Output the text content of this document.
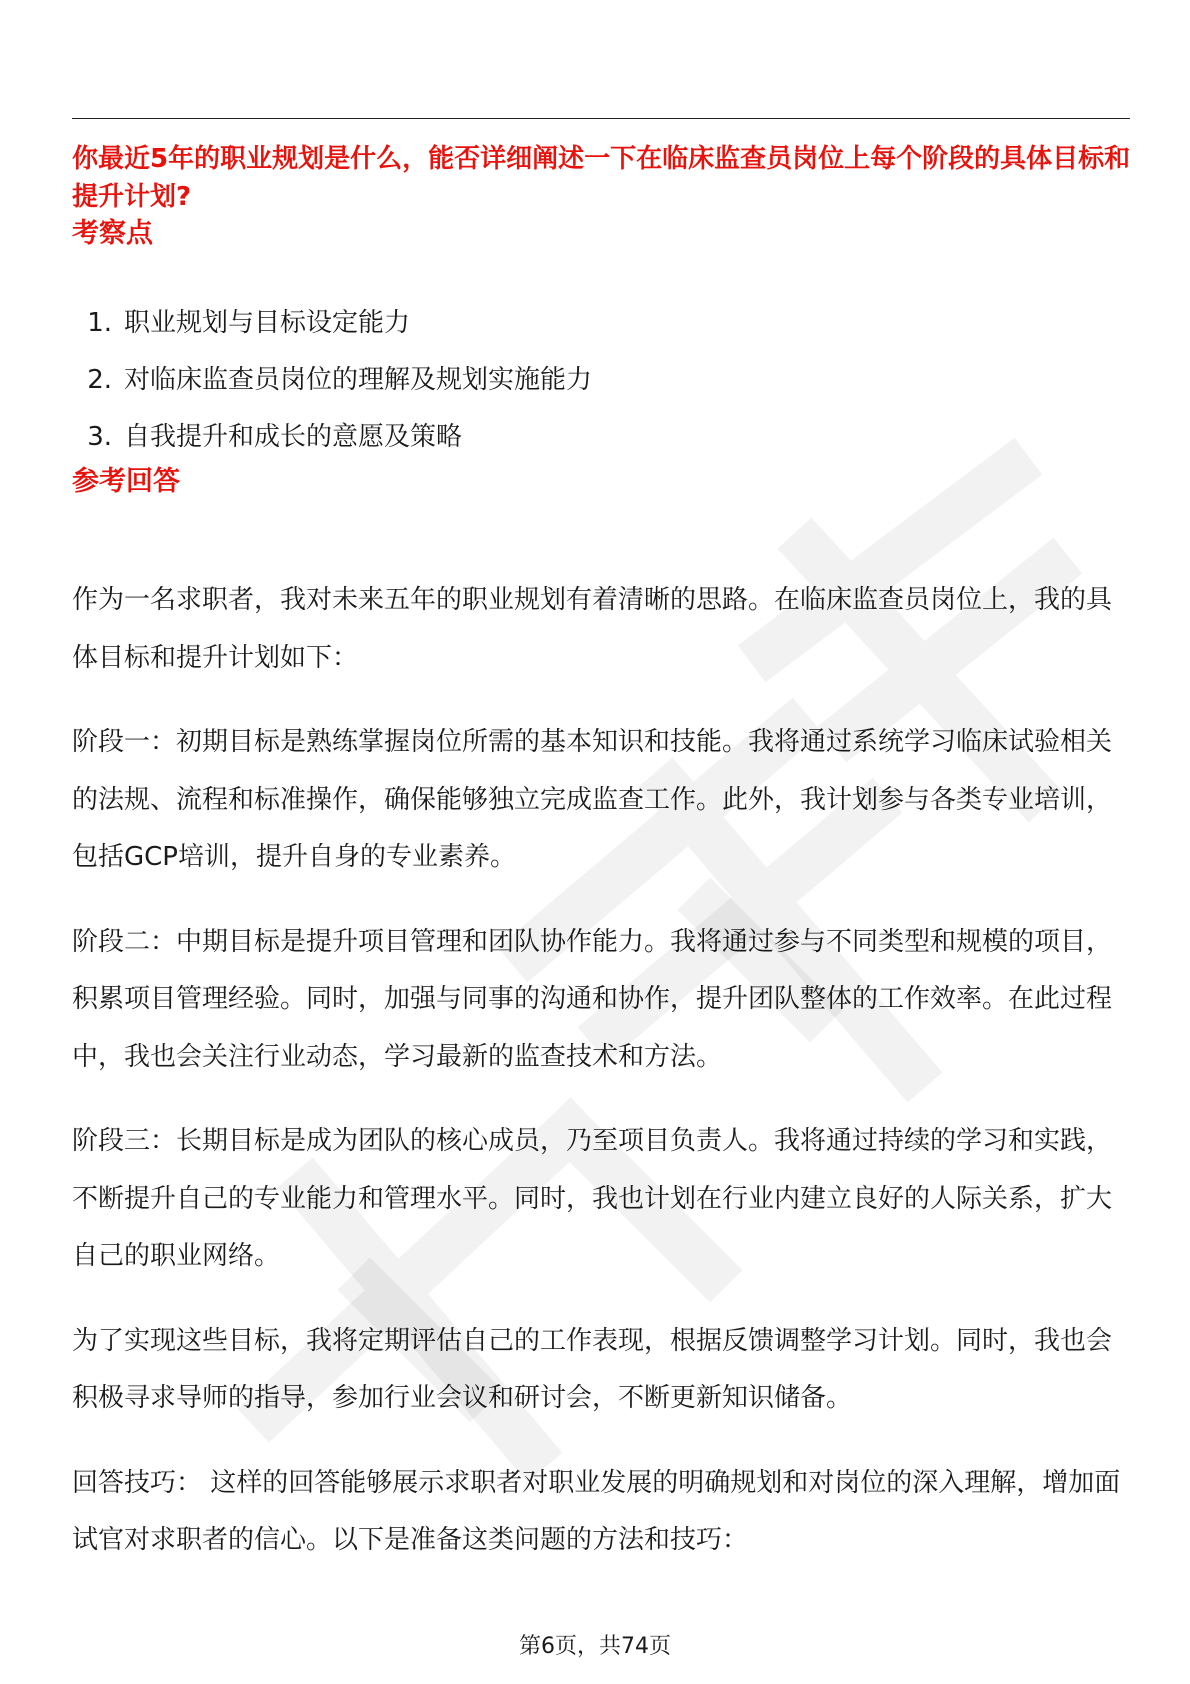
你最近5年的职业规划是什么，能否详细阐述一下在临床监查员岗位上每个阶段的具体目标和提升计划?
考察点
1. 职业规划与目标设定能力
2. 对临床监查员岗位的理解及规划实施能力
3. 自我提升和成长的意愿及策略
参考回答

作为一名求职者，我对未来五年的职业规划有着清晰的思路。在临床监查员岗位上，我的具体目标和提升计划如下：

阶段一：初期目标是熟练掌握岗位所需的基本知识和技能。我将通过系统学习临床试验相关的法规、流程和标准操作，确保能够独立完成监查工作。此外，我计划参与各类专业培训，包括GCP培训，提升自身的专业素养。

阶段二：中期目标是提升项目管理和团队协作能力。我将通过参与不同类型和规模的项目，积累项目管理经验。同时，加强与同事的沟通和协作，提升团队整体的工作效率。在此过程中，我也会关注行业动态，学习最新的监查技术和方法。

阶段三：长期目标是成为团队的核心成员，乃至项目负责人。我将通过持续的学习和实践，不断提升自己的专业能力和管理水平。同时，我也计划在行业内建立良好的人际关系，扩大自己的职业网络。

为了实现这些目标，我将定期评估自己的工作表现，根据反馈调整学习计划。同时，我也会积极寻求导师的指导，参加行业会议和研讨会，不断更新知识储备。

回答技巧： 这样的回答能够展示求职者对职业发展的明确规划和对岗位的深入理解，增加面试官对求职者的信心。以下是准备这类问题的方法和技巧：

第6页，共74页
